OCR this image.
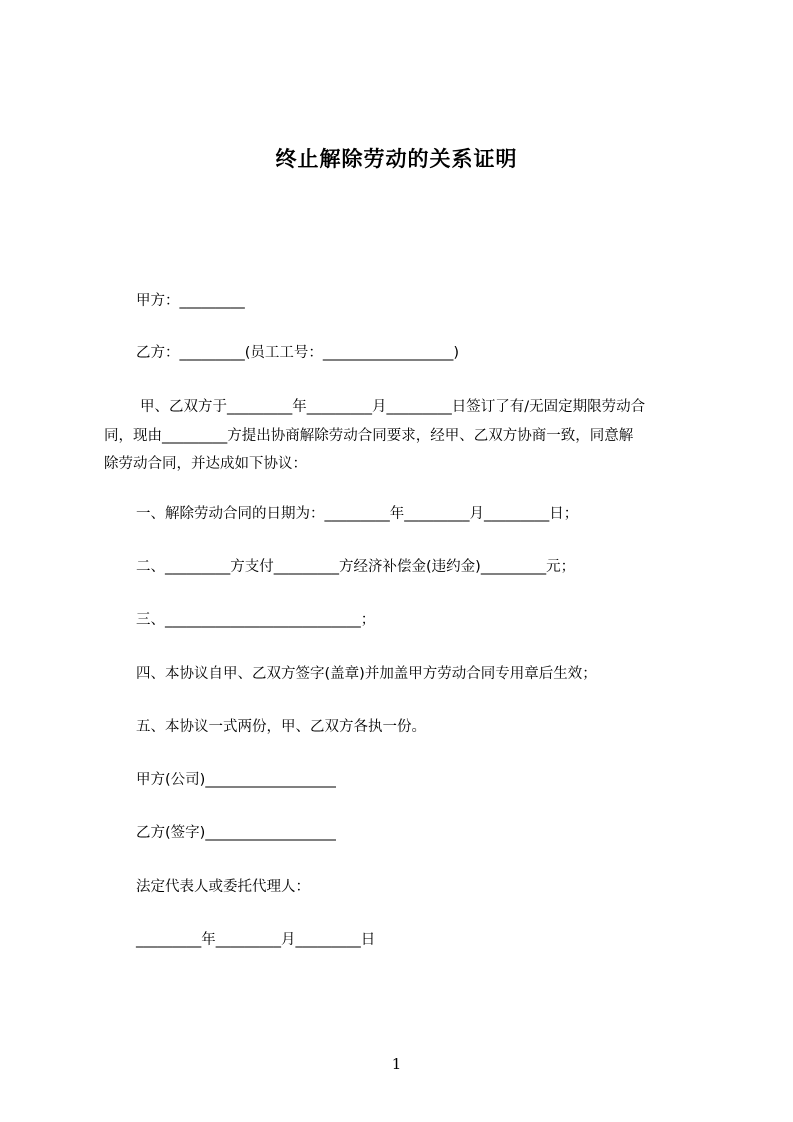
终止解除劳动的关系证明
甲方：_________
乙方：_________(员工工号：__________________)
甲、乙双方于_________年_________月_________日签订了有/无固定期限劳动合
同，现由_________方提出协商解除劳动合同要求，经甲、乙双方协商一致，同意解
除劳动合同，并达成如下协议：
一、解除劳动合同的日期为：_________年_________月_________日；
二、_________方支付_________方经济补偿金(违约金)_________元；
三、___________________________；
四、本协议自甲、乙双方签字(盖章)并加盖甲方劳动合同专用章后生效；
五、本协议一式两份，甲、乙双方各执一份。
甲方(公司)__________________
乙方(签字)__________________
法定代表人或委托代理人：
_________年_________月_________日
1
